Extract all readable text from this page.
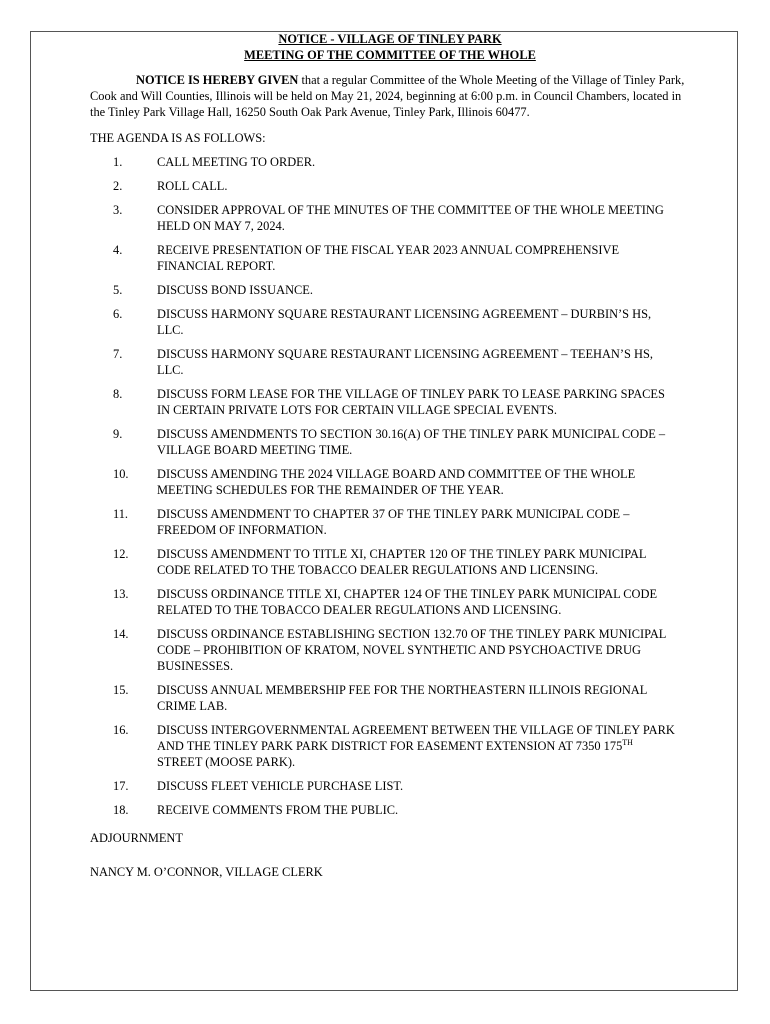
NOTICE - VILLAGE OF TINLEY PARK

MEETING OF THE COMMITTEE OF THE WHOLE

NOTICE IS HEREBY GIVEN that a regular Committee of the Whole Meeting of the Village of Tinley Park, Cook and Will Counties, Illinois will be held on May 21, 2024, beginning at 6:00 p.m. in Council Chambers, located in the Tinley Park Village Hall, 16250 South Oak Park Avenue, Tinley Park, Illinois 60477.

THE AGENDA IS AS FOLLOWS:
1.	CALL MEETING TO ORDER.
2.	ROLL CALL.
3.	CONSIDER APPROVAL OF THE MINUTES OF THE COMMITTEE OF THE WHOLE MEETING HELD ON MAY 7, 2024.
4.	RECEIVE PRESENTATION OF THE FISCAL YEAR 2023 ANNUAL COMPREHENSIVE FINANCIAL REPORT.
5.	DISCUSS BOND ISSUANCE.
6.	DISCUSS HARMONY SQUARE RESTAURANT LICENSING AGREEMENT – DURBIN’S HS, LLC.
7.	DISCUSS HARMONY SQUARE RESTAURANT LICENSING AGREEMENT – TEEHAN’S HS, LLC.
8.	DISCUSS FORM LEASE FOR THE VILLAGE OF TINLEY PARK TO LEASE PARKING SPACES IN CERTAIN PRIVATE LOTS FOR CERTAIN VILLAGE SPECIAL EVENTS.
9.	DISCUSS AMENDMENTS TO SECTION 30.16(A) OF THE TINLEY PARK MUNICIPAL CODE – VILLAGE BOARD MEETING TIME.
10.	DISCUSS AMENDING THE 2024 VILLAGE BOARD AND COMMITTEE OF THE WHOLE MEETING SCHEDULES FOR THE REMAINDER OF THE YEAR.
11.	DISCUSS AMENDMENT TO CHAPTER 37 OF THE TINLEY PARK MUNICIPAL CODE – FREEDOM OF INFORMATION.
12.	DISCUSS AMENDMENT TO TITLE XI, CHAPTER 120 OF THE TINLEY PARK MUNICIPAL CODE RELATED TO THE TOBACCO DEALER REGULATIONS AND LICENSING.
13.	DISCUSS ORDINANCE TITLE XI, CHAPTER 124 OF THE TINLEY PARK MUNICIPAL CODE RELATED TO THE TOBACCO DEALER REGULATIONS AND LICENSING.
14.	DISCUSS ORDINANCE ESTABLISHING SECTION 132.70 OF THE TINLEY PARK MUNICIPAL CODE – PROHIBITION OF KRATOM, NOVEL SYNTHETIC AND PSYCHOACTIVE DRUG BUSINESSES.
15.	DISCUSS ANNUAL MEMBERSHIP FEE FOR THE NORTHEASTERN ILLINOIS REGIONAL CRIME LAB.
16.	DISCUSS INTERGOVERNMENTAL AGREEMENT BETWEEN THE VILLAGE OF TINLEY PARK AND THE TINLEY PARK PARK DISTRICT FOR EASEMENT EXTENSION AT 7350 175TH STREET (MOOSE PARK).
17.	DISCUSS FLEET VEHICLE PURCHASE LIST.
18.	RECEIVE COMMENTS FROM THE PUBLIC.
ADJOURNMENT
NANCY M. O’CONNOR, VILLAGE CLERK
